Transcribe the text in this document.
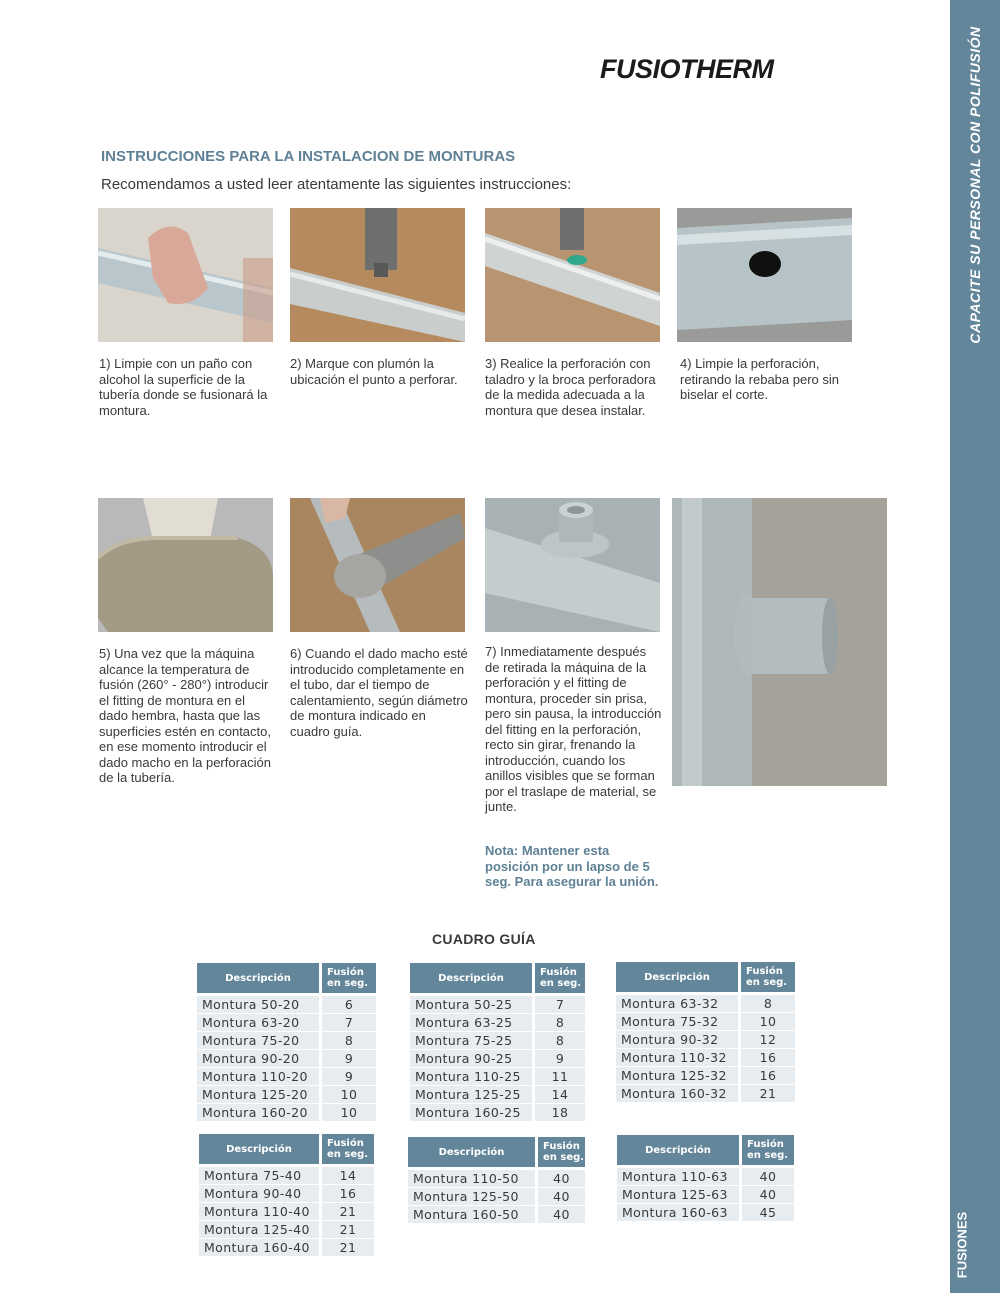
CAPACITE SU PERSONAL CON POLIFUSIÓN
FUSIONES
FUSIOTHERM
INSTRUCCIONES PARA LA INSTALACION DE MONTURAS
Recomendamos a usted leer atentamente las siguientes instrucciones:
1) Limpie con un paño con alcohol la superficie de la tubería donde se fusionará la montura.
2) Marque con plumón la ubicación el punto a perforar.
3) Realice la perforación con taladro y la broca perforadora de la medida adecuada a la montura que desea instalar.
4) Limpie la perforación, retirando la rebaba pero sin biselar el corte.
5) Una vez que la máquina alcance la temperatura de fusión (260° - 280°) introducir el fitting de montura en el dado hembra, hasta que las superficies estén en contacto, en ese momento introducir el dado macho en la perforación de la tubería.
6) Cuando el dado macho esté introducido completamente en el tubo, dar el tiempo de calentamiento, según diámetro de montura indicado en cuadro guía.
7) Inmediatamente después de retirada la máquina de la perforación y el fitting de montura, proceder sin prisa, pero sin pausa, la introducción del fitting en la perforación, recto sin girar, frenando la introducción, cuando los anillos visibles que se forman por el traslape de material, se junte.
Nota: Mantener esta posición por un lapso de 5 seg. Para asegurar la unión.
CUADRO GUÍA
Descripción	Fusión
en seg.
Montura 50-20	6
Montura 63-20	7
Montura 75-20	8
Montura 90-20	9
Montura 110-20	9
Montura 125-20	10
Montura 160-20	10
Descripción	Fusión
en seg.
Montura 50-25	7
Montura 63-25	8
Montura 75-25	8
Montura 90-25	9
Montura 110-25	11
Montura 125-25	14
Montura 160-25	18
Descripción	Fusión
en seg.
Montura 63-32	8
Montura 75-32	10
Montura 90-32	12
Montura 110-32	16
Montura 125-32	16
Montura 160-32	21
Descripción	Fusión
en seg.
Montura 75-40	14
Montura 90-40	16
Montura 110-40	21
Montura 125-40	21
Montura 160-40	21
Descripción	Fusión
en seg.
Montura 110-50	40
Montura 125-50	40
Montura 160-50	40
Descripción	Fusión
en seg.
Montura 110-63	40
Montura 125-63	40
Montura 160-63	45
